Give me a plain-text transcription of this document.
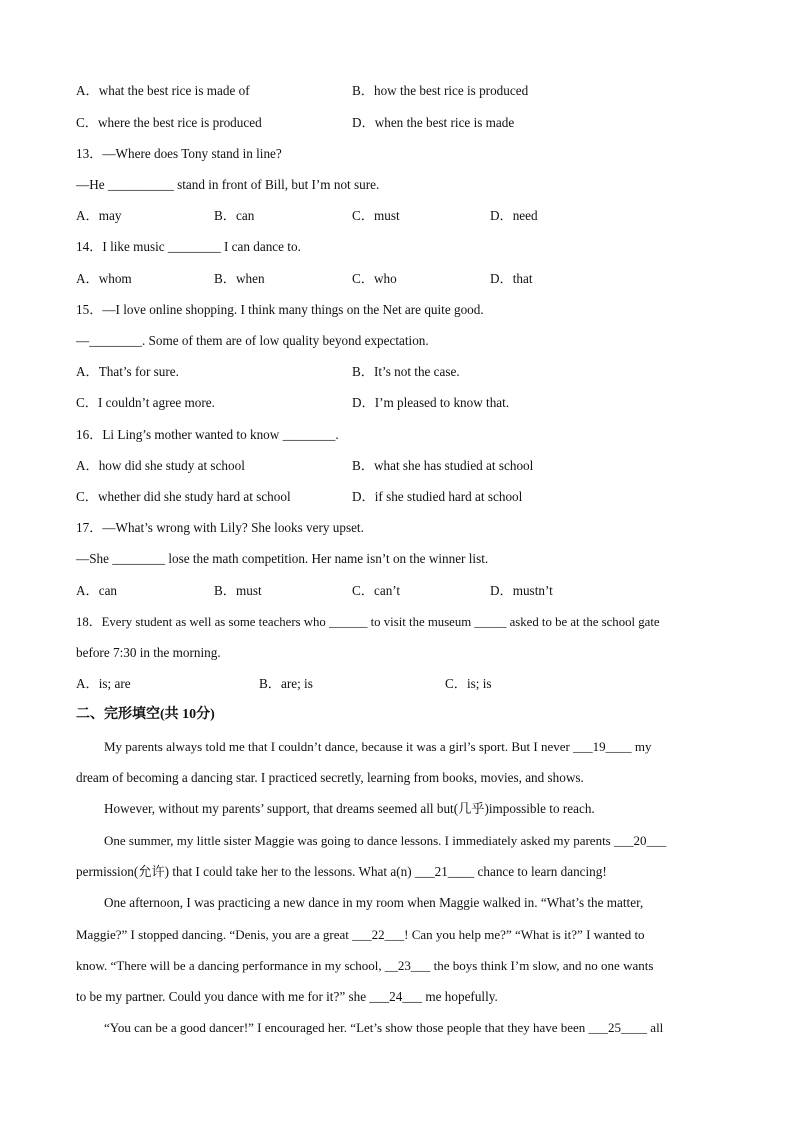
A．what the best rice is made of	B．how the best rice is produced
C．where the best rice is produced	D．when the best rice is made
13．—Where does Tony stand in line?
—He __________ stand in front of Bill, but I’m not sure.
A．may	B．can	C．must	D．need
14．I like music ________ I can dance to.
A．whom	B．when	C．who	D．that
15．—I love online shopping. I think many things on the Net are quite good.
—________. Some of them are of low quality beyond expectation.
A．That’s for sure.	B．It’s not the case.
C．I couldn’t agree more.	D．I’m pleased to know that.
16．Li Ling’s mother wanted to know ________.
A．how did she study at school	B．what she has studied at school
C．whether did she study hard at school	D．if she studied hard at school
17．—What’s wrong with Lily? She looks very upset.
—She ________ lose the math competition. Her name isn’t on the winner list.
A．can	B．must	C．can’t	D．mustn’t
18．Every student as well as some teachers who ______ to visit the museum _____ asked to be at the school gate
before 7:30 in the morning.
A．is; are	B．are; is	C．is; is
二、完形填空(共 10分)
My parents always told me that I couldn’t dance, because it was a girl’s sport. But I never ___19____ my
dream of becoming a dancing star. I practiced secretly, learning from books, movies, and shows.
However, without my parents’ support, that dreams seemed all but(几乎)impossible to reach.
One summer, my little sister Maggie was going to dance lessons. I immediately asked my parents ___20___
permission(允许) that I could take her to the lessons. What a(n) ___21____ chance to learn dancing!
One afternoon, I was practicing a new dance in my room when Maggie walked in. “What’s the matter,
Maggie?” I stopped dancing. “Denis, you are a great ___22___! Can you help me?” “What is it?” I wanted to
know. “There will be a dancing performance in my school, __23___ the boys think I’m slow, and no one wants
to be my partner. Could you dance with me for it?” she ___24___ me hopefully.
“You can be a good dancer!” I encouraged her. “Let’s show those people that they have been ___25____ all
